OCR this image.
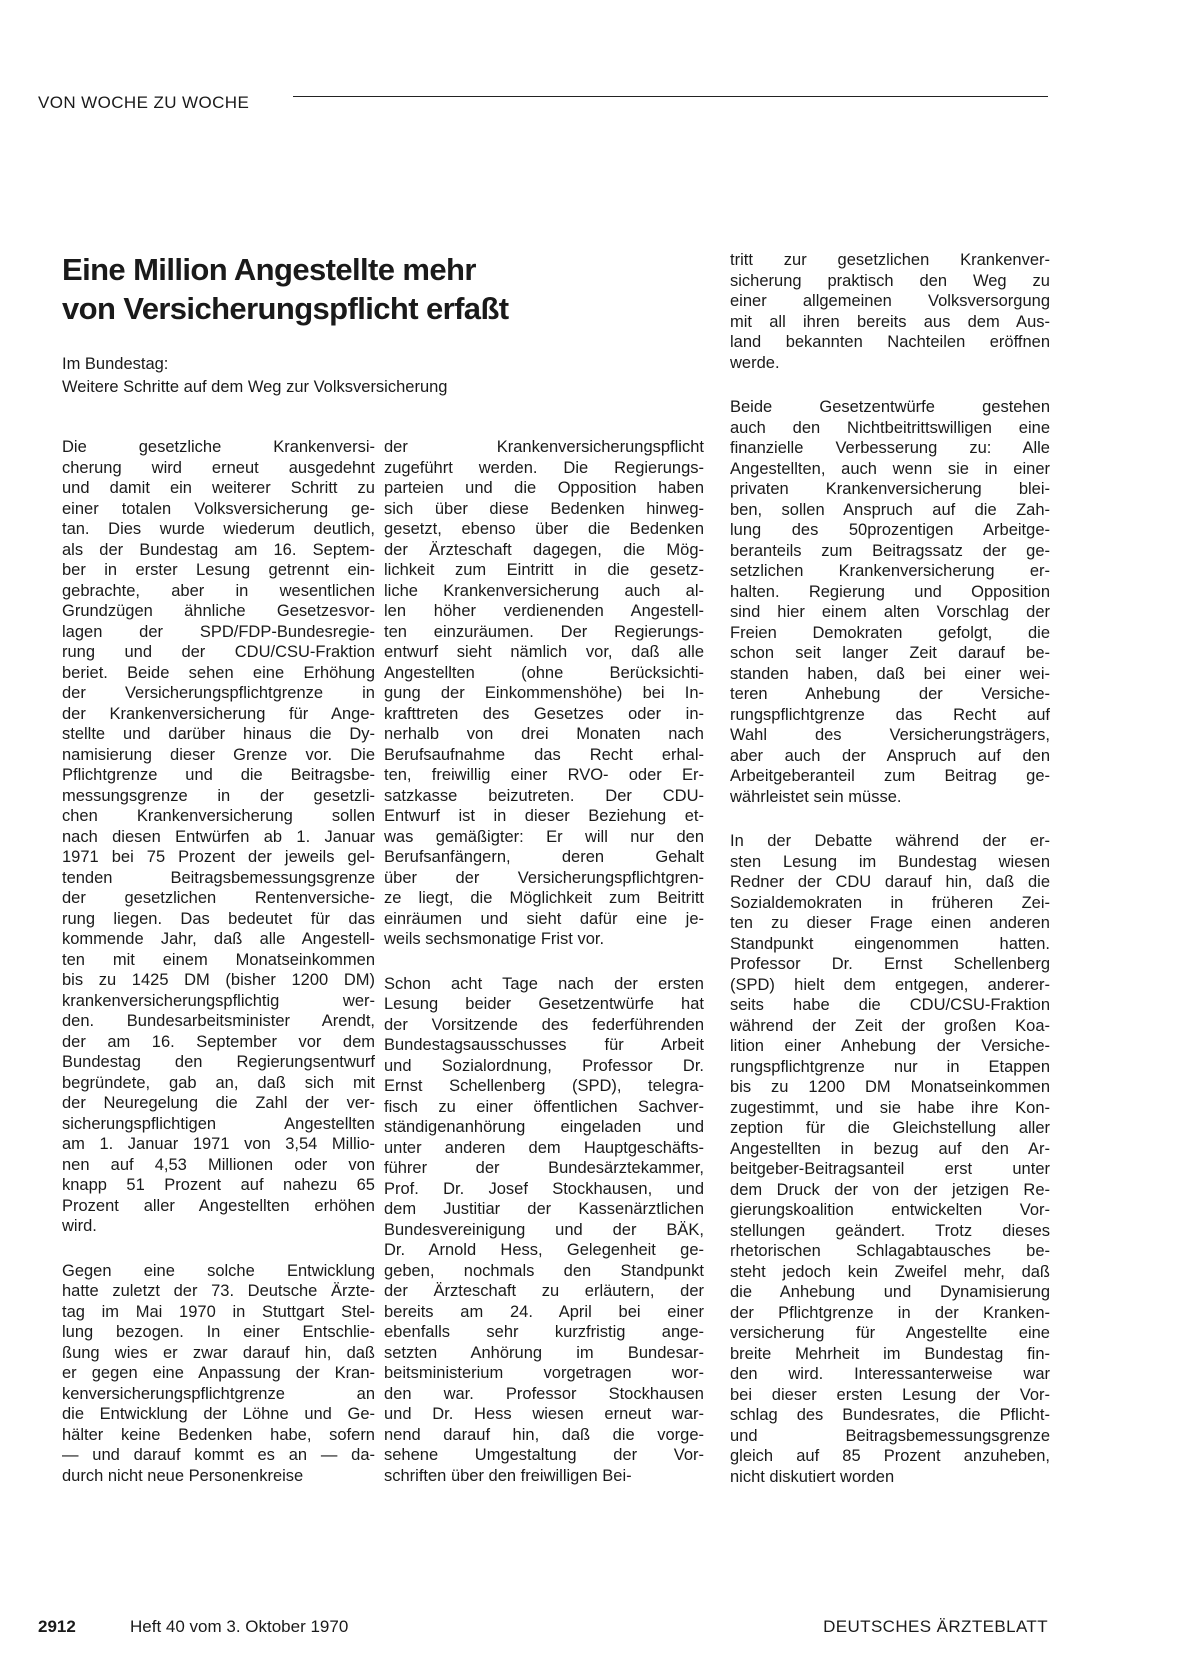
VON WOCHE ZU WOCHE
Eine Million Angestellte mehr
von Versicherungspflicht erfaßt
Im Bundestag:
Weitere Schritte auf dem Weg zur Volksversicherung
Die gesetzliche Krankenversi-
cherung wird erneut ausgedehnt
und damit ein weiterer Schritt zu
einer totalen Volksversicherung ge-
tan. Dies wurde wiederum deutlich,
als der Bundestag am 16. Septem-
ber in erster Lesung getrennt ein-
gebrachte, aber in wesentlichen
Grundzügen ähnliche Gesetzesvor-
lagen der SPD/FDP-Bundesregie-
rung und der CDU/CSU-Fraktion
beriet. Beide sehen eine Erhöhung
der Versicherungspflichtgrenze in
der Krankenversicherung für Ange-
stellte und darüber hinaus die Dy-
namisierung dieser Grenze vor. Die
Pflichtgrenze und die Beitragsbe-
messungsgrenze in der gesetzli-
chen Krankenversicherung sollen
nach diesen Entwürfen ab 1. Januar
1971 bei 75 Prozent der jeweils gel-
tenden Beitragsbemessungsgrenze
der gesetzlichen Rentenversiche-
rung liegen. Das bedeutet für das
kommende Jahr, daß alle Angestell-
ten mit einem Monatseinkommen
bis zu 1425 DM (bisher 1200 DM)
krankenversicherungspflichtig wer-
den. Bundesarbeitsminister Arendt,
der am 16. September vor dem
Bundestag den Regierungsentwurf
begründete, gab an, daß sich mit
der Neuregelung die Zahl der ver-
sicherungspflichtigen Angestellten
am 1. Januar 1971 von 3,54 Millio-
nen auf 4,53 Millionen oder von
knapp 51 Prozent auf nahezu 65
Prozent aller Angestellten erhöhen
wird.
Gegen eine solche Entwicklung
hatte zuletzt der 73. Deutsche Ärzte-
tag im Mai 1970 in Stuttgart Stel-
lung bezogen. In einer Entschlie-
ßung wies er zwar darauf hin, daß
er gegen eine Anpassung der Kran-
kenversicherungspflichtgrenze an
die Entwicklung der Löhne und Ge-
hälter keine Bedenken habe, sofern
— und darauf kommt es an — da-
durch nicht neue Personenkreise
der Krankenversicherungspflicht
zugeführt werden. Die Regierungs-
parteien und die Opposition haben
sich über diese Bedenken hinweg-
gesetzt, ebenso über die Bedenken
der Ärzteschaft dagegen, die Mög-
lichkeit zum Eintritt in die gesetz-
liche Krankenversicherung auch al-
len höher verdienenden Angestell-
ten einzuräumen. Der Regierungs-
entwurf sieht nämlich vor, daß alle
Angestellten (ohne Berücksichti-
gung der Einkommenshöhe) bei In-
krafttreten des Gesetzes oder in-
nerhalb von drei Monaten nach
Berufsaufnahme das Recht erhal-
ten, freiwillig einer RVO- oder Er-
satzkasse beizutreten. Der CDU-
Entwurf ist in dieser Beziehung et-
was gemäßigter: Er will nur den
Berufsanfängern, deren Gehalt
über der Versicherungspflichtgren-
ze liegt, die Möglichkeit zum Beitritt
einräumen und sieht dafür eine je-
weils sechsmonatige Frist vor.
Schon acht Tage nach der ersten
Lesung beider Gesetzentwürfe hat
der Vorsitzende des federführenden
Bundestagsausschusses für Arbeit
und Sozialordnung, Professor Dr.
Ernst Schellenberg (SPD), telegra-
fisch zu einer öffentlichen Sachver-
ständigenanhörung eingeladen und
unter anderen dem Hauptgeschäfts-
führer der Bundesärztekammer,
Prof. Dr. Josef Stockhausen, und
dem Justitiar der Kassenärztlichen
Bundesvereinigung und der BÄK,
Dr. Arnold Hess, Gelegenheit ge-
geben, nochmals den Standpunkt
der Ärzteschaft zu erläutern, der
bereits am 24. April bei einer
ebenfalls sehr kurzfristig ange-
setzten Anhörung im Bundesar-
beitsministerium vorgetragen wor-
den war. Professor Stockhausen
und Dr. Hess wiesen erneut war-
nend darauf hin, daß die vorge-
sehene Umgestaltung der Vor-
schriften über den freiwilligen Bei-
tritt zur gesetzlichen Krankenver-
sicherung praktisch den Weg zu
einer allgemeinen Volksversorgung
mit all ihren bereits aus dem Aus-
land bekannten Nachteilen eröffnen
werde.
Beide Gesetzentwürfe gestehen
auch den Nichtbeitrittswilligen eine
finanzielle Verbesserung zu: Alle
Angestellten, auch wenn sie in einer
privaten Krankenversicherung blei-
ben, sollen Anspruch auf die Zah-
lung des 50prozentigen Arbeitge-
beranteils zum Beitragssatz der ge-
setzlichen Krankenversicherung er-
halten. Regierung und Opposition
sind hier einem alten Vorschlag der
Freien Demokraten gefolgt, die
schon seit langer Zeit darauf be-
standen haben, daß bei einer wei-
teren Anhebung der Versiche-
rungspflichtgrenze das Recht auf
Wahl des Versicherungsträgers,
aber auch der Anspruch auf den
Arbeitgeberanteil zum Beitrag ge-
währleistet sein müsse.
In der Debatte während der er-
sten Lesung im Bundestag wiesen
Redner der CDU darauf hin, daß die
Sozialdemokraten in früheren Zei-
ten zu dieser Frage einen anderen
Standpunkt eingenommen hatten.
Professor Dr. Ernst Schellenberg
(SPD) hielt dem entgegen, anderer-
seits habe die CDU/CSU-Fraktion
während der Zeit der großen Koa-
lition einer Anhebung der Versiche-
rungspflichtgrenze nur in Etappen
bis zu 1200 DM Monatseinkommen
zugestimmt, und sie habe ihre Kon-
zeption für die Gleichstellung aller
Angestellten in bezug auf den Ar-
beitgeber-Beitragsanteil erst unter
dem Druck der von der jetzigen Re-
gierungskoalition entwickelten Vor-
stellungen geändert. Trotz dieses
rhetorischen Schlagabtausches be-
steht jedoch kein Zweifel mehr, daß
die Anhebung und Dynamisierung
der Pflichtgrenze in der Kranken-
versicherung für Angestellte eine
breite Mehrheit im Bundestag fin-
den wird. Interessanterweise war
bei dieser ersten Lesung der Vor-
schlag des Bundesrates, die Pflicht-
und Beitragsbemessungsgrenze
gleich auf 85 Prozent anzuheben,
nicht diskutiert worden
2912	Heft 40 vom 3. Oktober 1970	DEUTSCHES ÄRZTEBLATT
